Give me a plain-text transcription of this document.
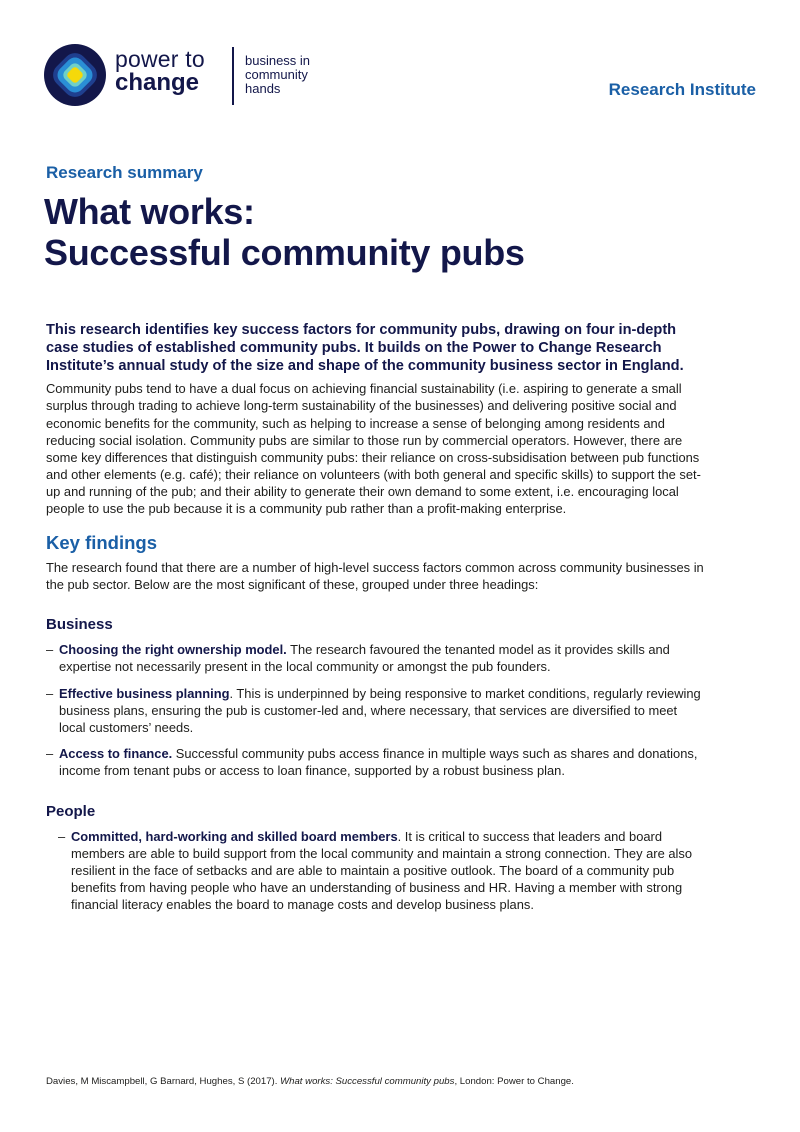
power to
change
business in
community
hands	Research Institute
Research summary
What works:
Successful community pubs

This research identifies key success factors for community pubs, drawing on four in-depth case studies of established community pubs. It builds on the Power to Change Research Institute’s annual study of the size and shape of the community business sector in England.

Community pubs tend to have a dual focus on achieving financial sustainability (i.e. aspiring to generate a small surplus through trading to achieve long-term sustainability of the businesses) and delivering positive social and economic benefits for the community, such as helping to increase a sense of belonging among residents and reducing social isolation. Community pubs are similar to those run by commercial operators. However, there are some key differences that distinguish community pubs: their reliance on cross-subsidisation between pub functions and other elements (e.g. café); their reliance on volunteers (with both general and specific skills) to support the set-up and running of the pub; and their ability to generate their own demand to some extent, i.e. encouraging local people to use the pub because it is a community pub rather than a profit-making enterprise.

Key findings

The research found that there are a number of high-level success factors common across community businesses in the pub sector. Below are the most significant of these, grouped under three headings:

Business
– Choosing the right ownership model. The research favoured the tenanted model as it provides skills and expertise not necessarily present in the local community or amongst the pub founders.
– Effective business planning. This is underpinned by being responsive to market conditions, regularly reviewing business plans, ensuring the pub is customer-led and, where necessary, that services are diversified to meet local customers’ needs.
– Access to finance. Successful community pubs access finance in multiple ways such as shares and donations, income from tenant pubs or access to loan finance, supported by a robust business plan.
People
– Committed, hard-working and skilled board members. It is critical to success that leaders and board members are able to build support from the local community and maintain a strong connection. They are also resilient in the face of setbacks and are able to maintain a positive outlook. The board of a community pub benefits from having people who have an understanding of business and HR. Having a member with strong financial literacy enables the board to manage costs and develop business plans.
Davies, M Miscampbell, G Barnard, Hughes, S (2017). What works: Successful community pubs, London: Power to Change.
